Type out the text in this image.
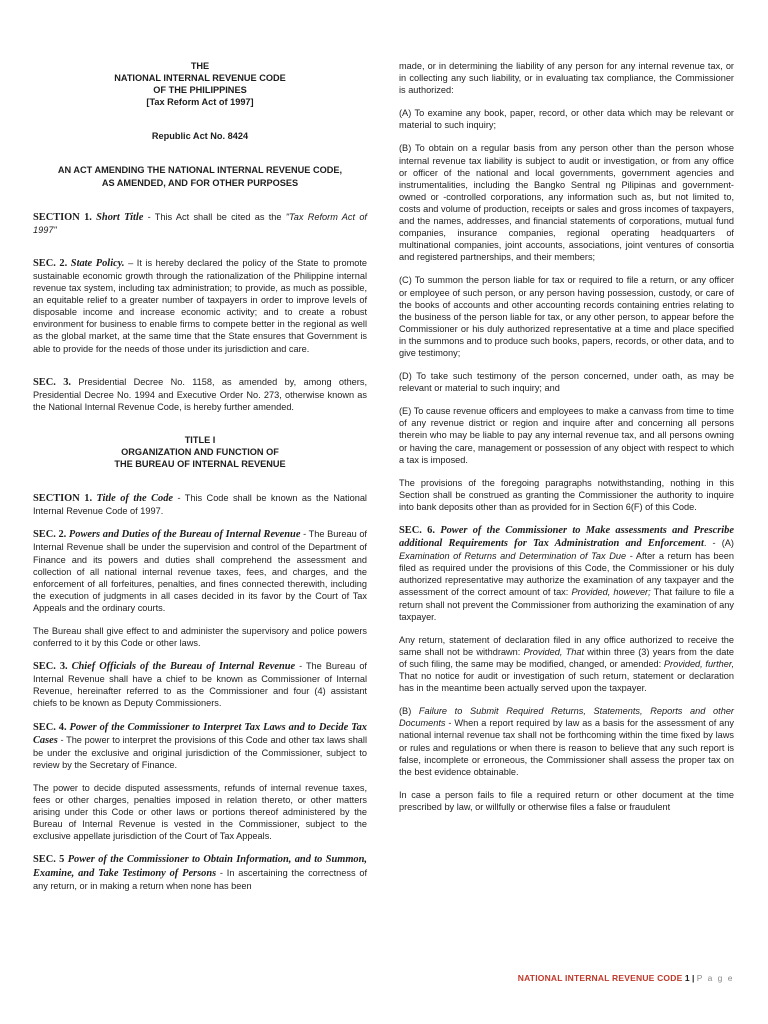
THE
NATIONAL INTERNAL REVENUE CODE
OF THE PHILIPPINES
[Tax Reform Act of 1997]
Republic Act No. 8424
AN ACT AMENDING THE NATIONAL INTERNAL REVENUE CODE,
AS AMENDED, AND FOR OTHER PURPOSES

SECTION 1. Short Title - This Act shall be cited as the "Tax Reform Act of 1997"

SEC. 2. State Policy. – It is hereby declared the policy of the State to promote sustainable economic growth through the rationalization of the Philippine internal revenue tax system, including tax administration; to provide, as much as possible, an equitable relief to a greater number of taxpayers in order to improve levels of disposable income and increase economic activity; and to create a robust environment for business to enable firms to compete better in the regional as well as the global market, at the same time that the State ensures that Government is able to provide for the needs of those under its jurisdiction and care.

SEC. 3. Presidential Decree No. 1158, as amended by, among others, Presidential Decree No. 1994 and Executive Order No. 273, otherwise known as the National Internal Revenue Code, is hereby further amended.

TITLE I
ORGANIZATION AND FUNCTION OF
THE BUREAU OF INTERNAL REVENUE

SECTION 1. Title of the Code - This Code shall be known as the National Internal Revenue Code of 1997.

SEC. 2. Powers and Duties of the Bureau of Internal Revenue - The Bureau of Internal Revenue shall be under the supervision and control of the Department of Finance and its powers and duties shall comprehend the assessment and collection of all national internal revenue taxes, fees, and charges, and the enforcement of all forfeitures, penalties, and fines connected therewith, including the execution of judgments in all cases decided in its favor by the Court of Tax Appeals and the ordinary courts.

The Bureau shall give effect to and administer the supervisory and police powers conferred to it by this Code or other laws.

SEC. 3. Chief Officials of the Bureau of Internal Revenue - The Bureau of Internal Revenue shall have a chief to be known as Commissioner of Internal Revenue, hereinafter referred to as the Commissioner and four (4) assistant chiefs to be known as Deputy Commissioners.

SEC. 4. Power of the Commissioner to Interpret Tax Laws and to Decide Tax Cases - The power to interpret the provisions of this Code and other tax laws shall be under the exclusive and original jurisdiction of the Commissioner, subject to review by the Secretary of Finance.

The power to decide disputed assessments, refunds of internal revenue taxes, fees or other charges, penalties imposed in relation thereto, or other matters arising under this Code or other laws or portions thereof administered by the Bureau of Internal Revenue is vested in the Commissioner, subject to the exclusive appellate jurisdiction of the Court of Tax Appeals.

SEC. 5 Power of the Commissioner to Obtain Information, and to Summon, Examine, and Take Testimony of Persons - In ascertaining the correctness of any return, or in making a return when none has been

made, or in determining the liability of any person for any internal revenue tax, or in collecting any such liability, or in evaluating tax compliance, the Commissioner is authorized:

(A) To examine any book, paper, record, or other data which may be relevant or material to such inquiry;

(B) To obtain on a regular basis from any person other than the person whose internal revenue tax liability is subject to audit or investigation, or from any office or officer of the national and local governments, government agencies and instrumentalities, including the Bangko Sentral ng Pilipinas and government-owned or -controlled corporations, any information such as, but not limited to, costs and volume of production, receipts or sales and gross incomes of taxpayers, and the names, addresses, and financial statements of corporations, mutual fund companies, insurance companies, regional operating headquarters of multinational companies, joint accounts, associations, joint ventures of consortia and registered partnerships, and their members;

(C) To summon the person liable for tax or required to file a return, or any officer or employee of such person, or any person having possession, custody, or care of the books of accounts and other accounting records containing entries relating to the business of the person liable for tax, or any other person, to appear before the Commissioner or his duly authorized representative at a time and place specified in the summons and to produce such books, papers, records, or other data, and to give testimony;

(D) To take such testimony of the person concerned, under oath, as may be relevant or material to such inquiry; and

(E) To cause revenue officers and employees to make a canvass from time to time of any revenue district or region and inquire after and concerning all persons therein who may be liable to pay any internal revenue tax, and all persons owning or having the care, management or possession of any object with respect to which a tax is imposed.

The provisions of the foregoing paragraphs notwithstanding, nothing in this Section shall be construed as granting the Commissioner the authority to inquire into bank deposits other than as provided for in Section 6(F) of this Code.

SEC. 6. Power of the Commissioner to Make assessments and Prescribe additional Requirements for Tax Administration and Enforcement. - (A) Examination of Returns and Determination of Tax Due - After a return has been filed as required under the provisions of this Code, the Commissioner or his duly authorized representative may authorize the examination of any taxpayer and the assessment of the correct amount of tax: Provided, however; That failure to file a return shall not prevent the Commissioner from authorizing the examination of any taxpayer.

Any return, statement of declaration filed in any office authorized to receive the same shall not be withdrawn: Provided, That within three (3) years from the date of such filing, the same may be modified, changed, or amended: Provided, further, That no notice for audit or investigation of such return, statement or declaration has in the meantime been actually served upon the taxpayer.

(B) Failure to Submit Required Returns, Statements, Reports and other Documents - When a report required by law as a basis for the assessment of any national internal revenue tax shall not be forthcoming within the time fixed by laws or rules and regulations or when there is reason to believe that any such report is false, incomplete or erroneous, the Commissioner shall assess the proper tax on the best evidence obtainable.

In case a person fails to file a required return or other document at the time prescribed by law, or willfully or otherwise files a false or fraudulent

NATIONAL INTERNAL REVENUE CODE 1 | P a g e
